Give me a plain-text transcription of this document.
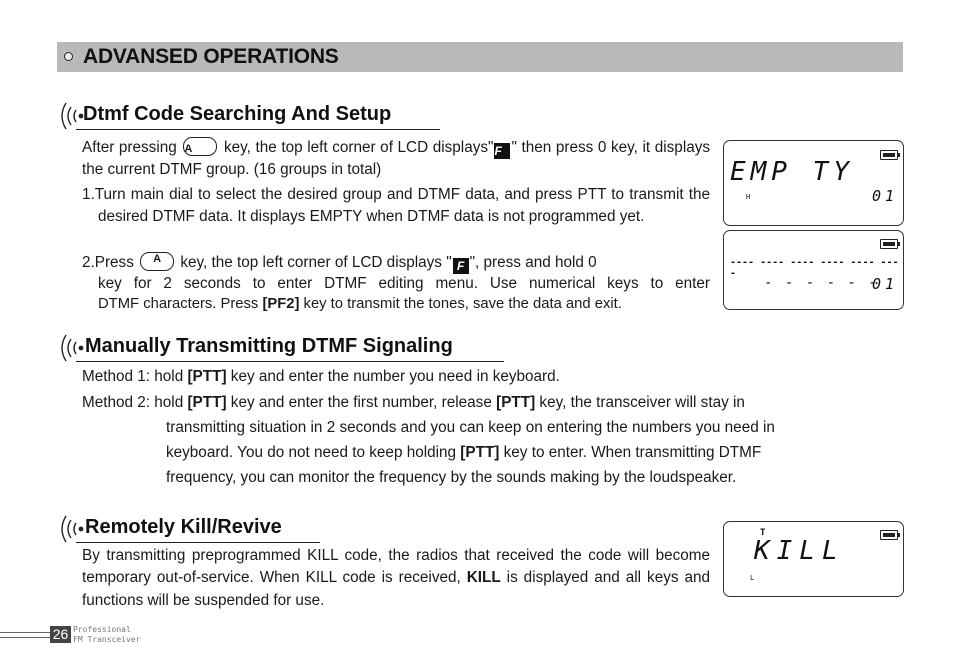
ADVANSED OPERATIONS
Dtmf Code Searching And Setup
After pressing A	key, the top left corner of LCD displays"F " then press 0 key, it displays the current DTMF group. (16 groups in total)
1.Turn main dial to select the desired group and DTMF data, and press PTT to transmit the desired DTMF data. It displays EMPTY when DTMF data is not programmed yet.
2.Press	A	key, the top left corner of LCD displays " F ", press and hold 0
key for 2 seconds to enter DTMF editing menu. Use numerical keys to enter
DTMF characters. Press [PF2] key to transmit the tones, save the data and exit.
EMP TY
H	01
---- ---- ---- ---- ---- ----
- - - - - -
01
Manually Transmitting DTMF Signaling
Method 1: hold [PTT] key and enter the number you need in keyboard.
Method 2: hold [PTT] key and enter the first number, release [PTT] key, the transceiver will stay in
transmitting situation in 2 seconds and you can keep on entering the numbers you need in
keyboard. You do not need to keep holding [PTT] key to enter. When transmitting DTMF
frequency, you can monitor the frequency by the sounds making by the loudspeaker.
Remotely Kill/Revive
By transmitting preprogrammed KILL code, the radios that received the code will become temporary out-of-service. When KILL code is received, KILL is displayed and all keys and functions will be suspended for use.
T
KILL
L
26 Professional
FM Transceiver
